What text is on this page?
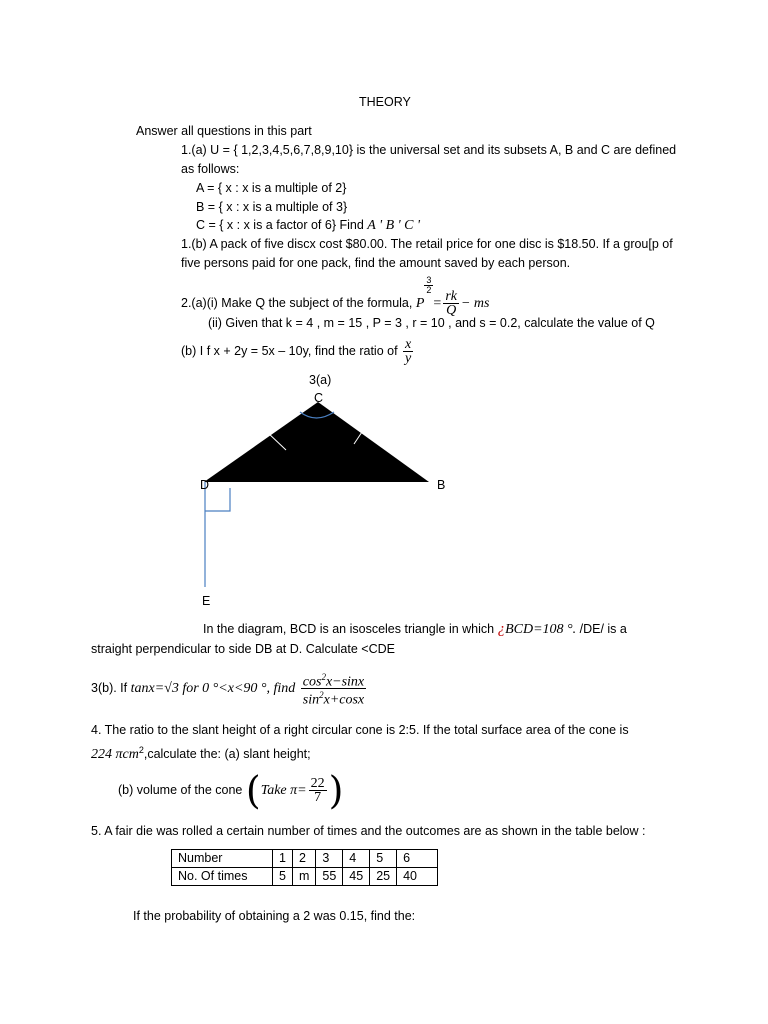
THEORY
Answer all questions in this part
1.(a) U = { 1,2,3,4,5,6,7,8,9,10} is the universal set and its subsets A, B and C are defined
as follows:
A = { x : x is a multiple of 2}
B = { x : x is a multiple of 3}
C = { x : x is a factor of 6} Find A ' B ' C '
1.(b) A pack of five discx cost $80.00. The retail price for one disc is $18.50. If a grou[p of
five persons paid for one pack, find the amount saved by each person.
2.(a)(i) Make Q the subject of the formula, P
$\frac{3}{2}$
= $\frac{rk}{Q}$ − ms
(ii) Given that k = 4 , m = 15 , P = 3 , r = 10 , and s = 0.2, calculate the value of Q
(b) I f x + 2y = 5x – 10y, find the ratio of $\frac{x}{y}$
3(a)
C
D	B
E
In the diagram, BCD is an isosceles triangle in which ¿BCD=108 °. /DE/ is a
straight perpendicular to side DB at D. Calculate <CDE
3(b). If tanx=√3 for 0 °<x<90 °, find $\frac{\cos^2x-\sin x}{\sin^2x+\cos x}$
4. The ratio to the slant height of a right circular cone is 2:5. If the total surface area of the cone is
224 πcm$^2$,calculate the: (a) slant height;
(b) volume of the cone (Take $\pi= \frac{22}{7}$ )
5. A fair die was rolled a certain number of times and the outcomes are as shown in the table below :
Number	1	2	3	4	5	6
No. Of times	5	m	55	45	25	40
If the probability of obtaining a 2 was 0.15, find the:
